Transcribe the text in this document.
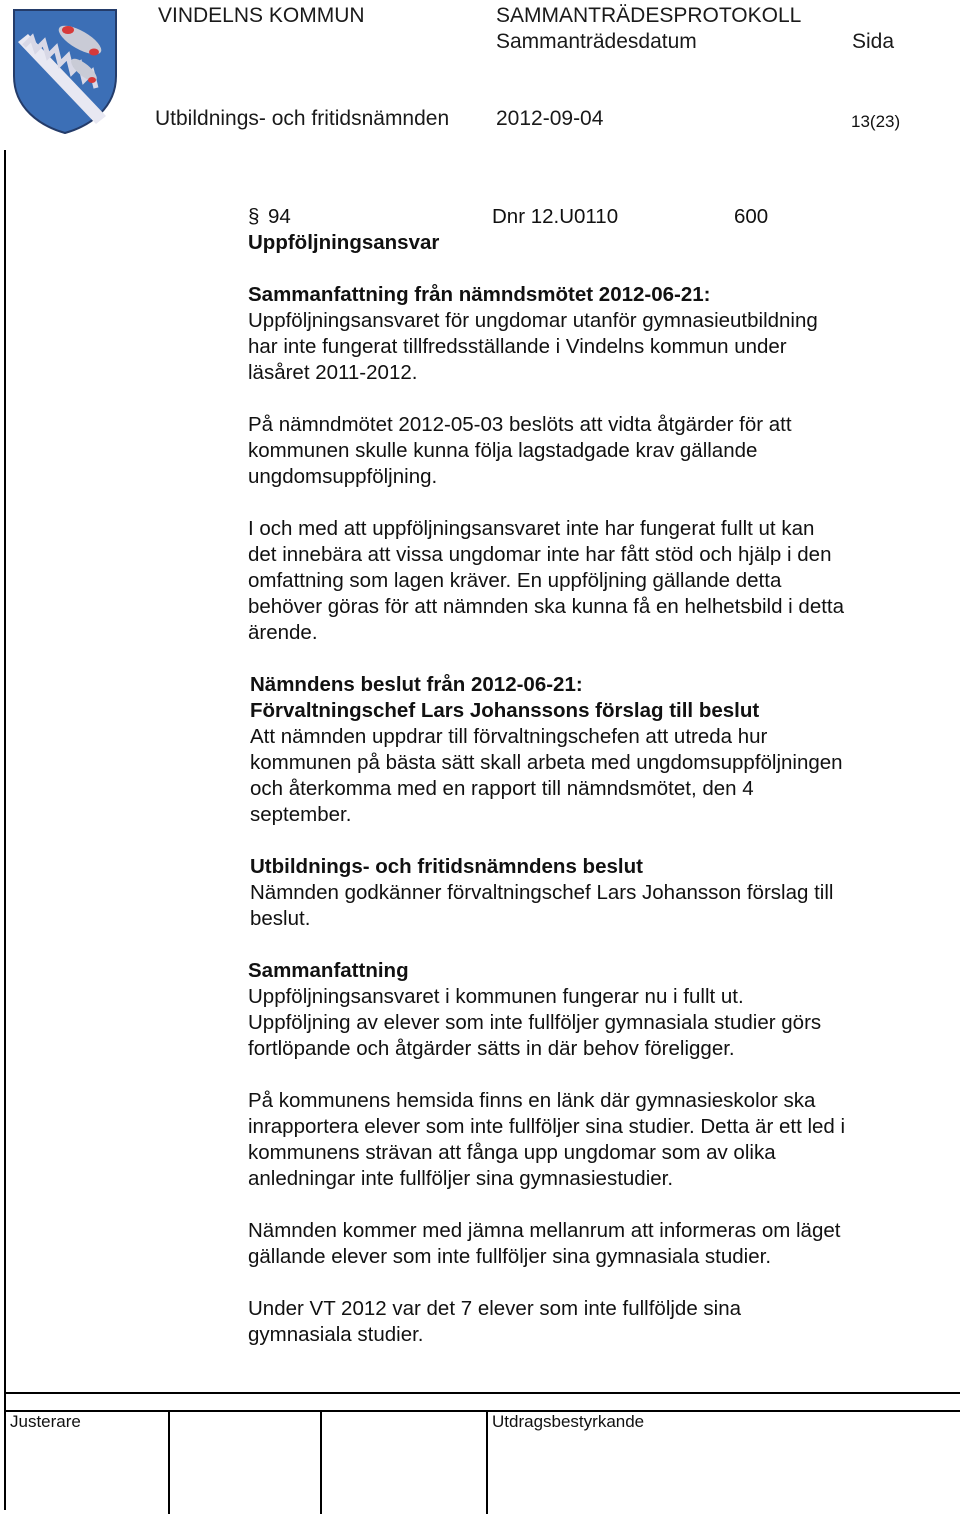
VINDELNS KOMMUN	SAMMANTRÄDESPROTOKOLL
Sammanträdesdatum	Sida
Utbildnings- och fritidsnämnden 2012-09-04	13(23)
§ 94	Dnr 12.U0110	600
Uppföljningsansvar
Sammanfattning från nämndsmötet 2012-06-21:
Uppföljningsansvaret för ungdomar utanför gymnasieutbildning
har inte fungerat tillfredsställande i Vindelns kommun under
läsåret 2011-2012.
På nämndmötet 2012-05-03 beslöts att vidta åtgärder för att
kommunen skulle kunna följa lagstadgade krav gällande
ungdomsuppföljning.
I och med att uppföljningsansvaret inte har fungerat fullt ut kan
det innebära att vissa ungdomar inte har fått stöd och hjälp i den
omfattning som lagen kräver. En uppföljning gällande detta
behöver göras för att nämnden ska kunna få en helhetsbild i detta
ärende.
Nämndens beslut från 2012-06-21:
Förvaltningschef Lars Johanssons förslag till beslut
Att nämnden uppdrar till förvaltningschefen att utreda hur
kommunen på bästa sätt skall arbeta med ungdomsuppföljningen
och återkomma med en rapport till nämndsmötet, den 4
september.
Utbildnings- och fritidsnämndens beslut
Nämnden godkänner förvaltningschef Lars Johansson förslag till
beslut.
Sammanfattning
Uppföljningsansvaret i kommunen fungerar nu i fullt ut.
Uppföljning av elever som inte fullföljer gymnasiala studier görs
fortlöpande och åtgärder sätts in där behov föreligger.
På kommunens hemsida finns en länk där gymnasieskolor ska
inrapportera elever som inte fullföljer sina studier. Detta är ett led i
kommunens strävan att fånga upp ungdomar som av olika
anledningar inte fullföljer sina gymnasiestudier.
Nämnden kommer med jämna mellanrum att informeras om läget
gällande elever som inte fullföljer sina gymnasiala studier.
Under VT 2012 var det 7 elever som inte fullföljde sina
gymnasiala studier.
Justerare	Utdragsbestyrkande
